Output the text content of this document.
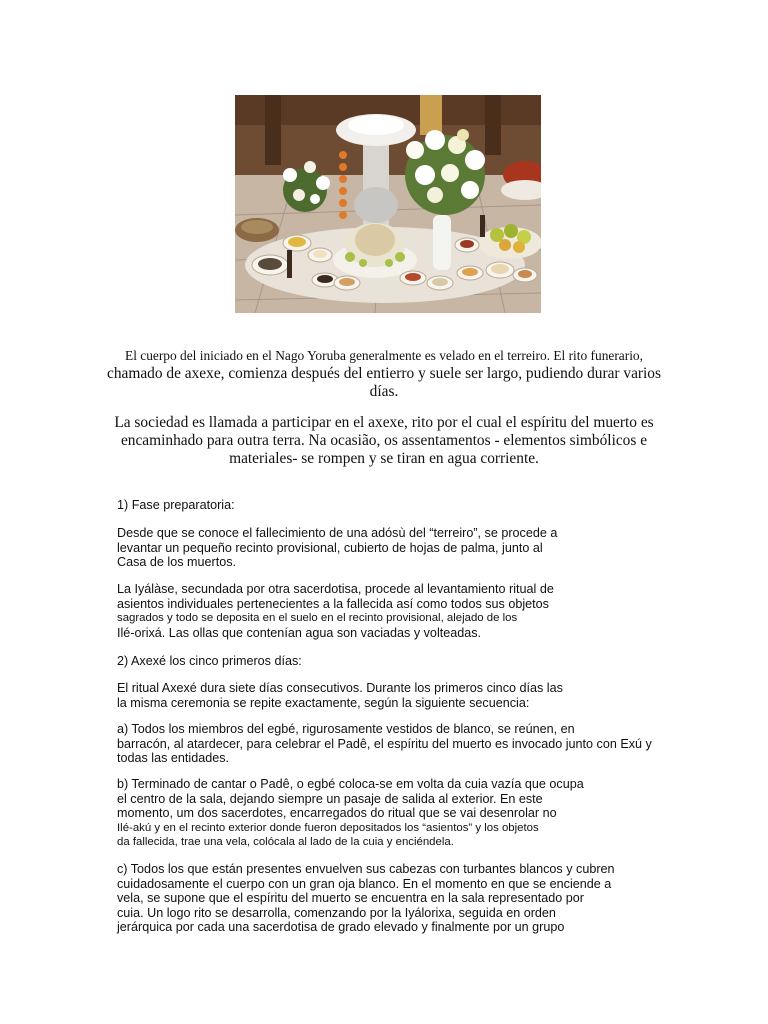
El cuerpo del iniciado en el Nago Yoruba generalmente es velado en el terreiro. El rito funerario,
chamado de axexe, comienza después del entierro y suele ser largo, pudiendo durar varios
días.
La sociedad es llamada a participar en el axexe, rito por el cual el espíritu del muerto es
encaminhado para outra terra. Na ocasião, os assentamentos - elementos simbólicos e
materiales- se rompen y se tiran en agua corriente.
1) Fase preparatoria:
Desde que se conoce el fallecimiento de una adósù del “terreiro”, se procede a
levantar un pequeño recinto provisional, cubierto de hojas de palma, junto al
Casa de los muertos.
La Iyálàse, secundada por otra sacerdotisa, procede al levantamiento ritual de
asientos individuales pertenecientes a la fallecida así como todos sus objetos
sagrados y todo se deposita en el suelo en el recinto provisional, alejado de los
Ilé-orixá. Las ollas que contenían agua son vaciadas y volteadas.
2) Axexé los cinco primeros días:
El ritual Axexé dura siete días consecutivos. Durante los primeros cinco días las
la misma ceremonia se repite exactamente, según la siguiente secuencia:
a) Todos los miembros del egbé, rigurosamente vestidos de blanco, se reúnen, en
barracón, al atardecer, para celebrar el Padê, el espíritu del muerto es invocado junto con Exú y
todas las entidades.
b) Terminado de cantar o Padê, o egbé coloca-se em volta da cuia vazía que ocupa
el centro de la sala, dejando siempre un pasaje de salida al exterior. En este
momento, um dos sacerdotes, encarregados do ritual que se vai desenrolar no
Ilé-akú y en el recinto exterior donde fueron depositados los “asientos” y los objetos
da fallecida, trae una vela, colócala al lado de la cuia y enciéndela.
c) Todos los que están presentes envuelven sus cabezas con turbantes blancos y cubren
cuidadosamente el cuerpo con un gran oja blanco. En el momento en que se enciende a
vela, se supone que el espíritu del muerto se encuentra en la sala representado por
cuia. Un logo rito se desarrolla, comenzando por la Iyálorixa, seguida en orden
jerárquica por cada una sacerdotisa de grado elevado y finalmente por un grupo
